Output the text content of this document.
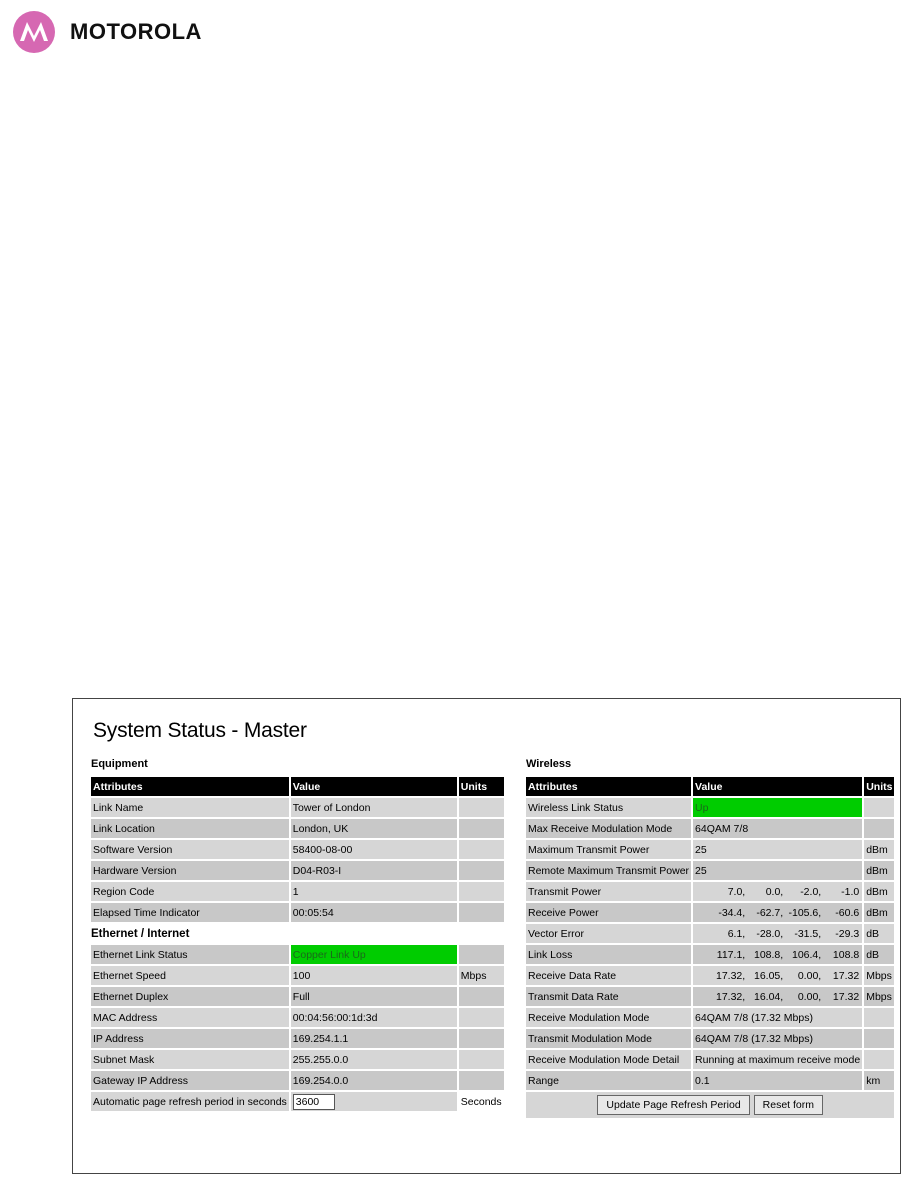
MOTOROLA
System Status - Master
Equipment
Attributes	Value	Units
Link Name	Tower of London	
Link Location	London, UK	
Software Version	58400-08-00	
Hardware Version	D04-R03-I	
Region Code	1	
Elapsed Time Indicator	00:05:54	
Ethernet / Internet		
Ethernet Link Status	Copper Link Up	
Ethernet Speed	100	Mbps
Ethernet Duplex	Full	
MAC Address	00:04:56:00:1d:3d	
IP Address	169.254.1.1	
Subnet Mask	255.255.0.0	
Gateway IP Address	169.254.0.0	
Automatic page refresh period in seconds	3600	Seconds
Wireless
Attributes	Value	Units
Wireless Link Status	Up	
Max Receive Modulation Mode	64QAM 7/8	
Maximum Transmit Power	25	dBm
Remote Maximum Transmit Power	25	dBm
Transmit Power	7.0, 0.0, -2.0, -1.0	dBm
Receive Power	-34.4, -62.7, -105.6, -60.6	dBm
Vector Error	6.1, -28.0, -31.5, -29.3	dB
Link Loss	117.1, 108.8, 106.4, 108.8	dB
Receive Data Rate	17.32, 16.05, 0.00, 17.32	Mbps
Transmit Data Rate	17.32, 16.04, 0.00, 17.32	Mbps
Receive Modulation Mode	64QAM 7/8 (17.32 Mbps)	
Transmit Modulation Mode	64QAM 7/8 (17.32 Mbps)	
Receive Modulation Mode Detail	Running at maximum receive mode	
Range	0.1	km
Update Page Refresh Period Reset form		
